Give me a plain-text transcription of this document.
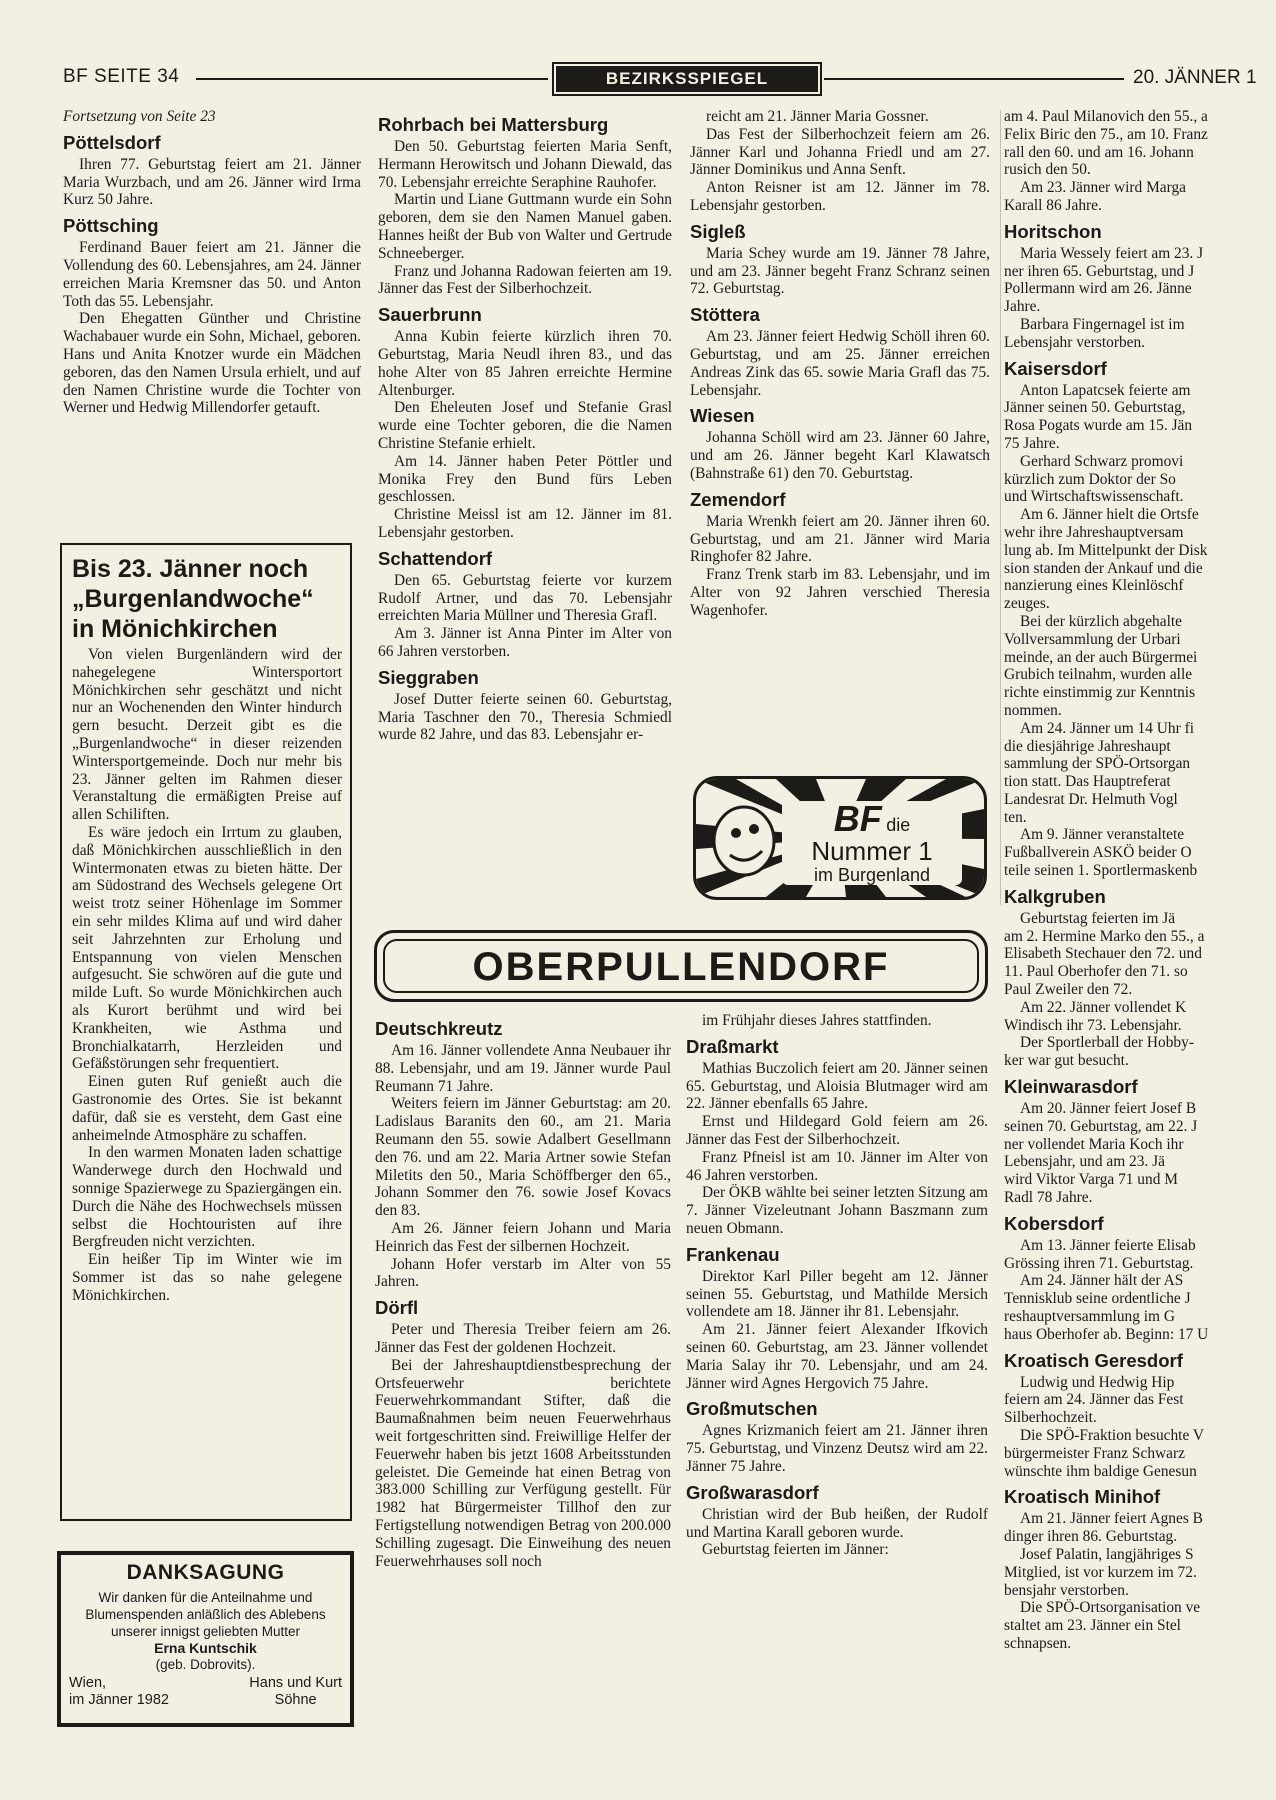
BF SEITE 34	BEZIRKSSPIEGEL	20. JÄNNER 1

Fortsetzung von Seite 23

Pöttelsdorf

Ihren 77. Geburtstag feiert am 21. Jänner Maria Wurzbach, und am 26. Jänner wird Irma Kurz 50 Jahre.

Pöttsching

Ferdinand Bauer feiert am 21. Jänner die Vollendung des 60. Lebensjahres, am 24. Jänner erreichen Maria Kremsner das 50. und Anton Toth das 55. Lebensjahr.

Den Ehegatten Günther und Christine Wachabauer wurde ein Sohn, Michael, geboren. Hans und Anita Knotzer wurde ein Mädchen geboren, das den Namen Ursula erhielt, und auf den Namen Christine wurde die Tochter von Werner und Hedwig Millendorfer getauft.

Rohrbach bei Mattersburg

Den 50. Geburtstag feierten Maria Senft, Hermann Herowitsch und Johann Diewald, das 70. Lebensjahr erreichte Seraphine Rauhofer.

Martin und Liane Guttmann wurde ein Sohn geboren, dem sie den Namen Manuel gaben. Hannes heißt der Bub von Walter und Gertrude Schneeberger.

Franz und Johanna Radowan feierten am 19. Jänner das Fest der Silberhochzeit.

Sauerbrunn

Anna Kubin feierte kürzlich ihren 70. Geburtstag, Maria Neudl ihren 83., und das hohe Alter von 85 Jahren erreichte Hermine Altenburger.

Den Eheleuten Josef und Stefanie Grasl wurde eine Tochter geboren, die die Namen Christine Stefanie erhielt.

Am 14. Jänner haben Peter Pöttler und Monika Frey den Bund fürs Leben geschlossen.

Christine Meissl ist am 12. Jänner im 81. Lebensjahr gestorben.

Schattendorf

Den 65. Geburtstag feierte vor kurzem Rudolf Artner, und das 70. Lebensjahr erreichten Maria Müllner und Theresia Grafl.

Am 3. Jänner ist Anna Pinter im Alter von 66 Jahren verstorben.

Sieggraben

Josef Dutter feierte seinen 60. Geburtstag, Maria Taschner den 70., Theresia Schmiedl wurde 82 Jahre, und das 83. Lebensjahr er-

reicht am 21. Jänner Maria Gossner.

Das Fest der Silberhochzeit feiern am 26. Jänner Karl und Johanna Friedl und am 27. Jänner Dominikus und Anna Senft.

Anton Reisner ist am 12. Jänner im 78. Lebensjahr gestorben.

Sigleß

Maria Schey wurde am 19. Jänner 78 Jahre, und am 23. Jänner begeht Franz Schranz seinen 72. Geburtstag.

Stöttera

Am 23. Jänner feiert Hedwig Schöll ihren 60. Geburtstag, und am 25. Jänner erreichen Andreas Zink das 65. sowie Maria Grafl das 75. Lebensjahr.

Wiesen

Johanna Schöll wird am 23. Jänner 60 Jahre, und am 26. Jänner begeht Karl Klawatsch (Bahnstraße 61) den 70. Geburtstag.

Zemendorf

Maria Wrenkh feiert am 20. Jänner ihren 60. Geburtstag, und am 21. Jänner wird Maria Ringhofer 82 Jahre.

Franz Trenk starb im 83. Lebensjahr, und im Alter von 92 Jahren verschied Theresia Wagenhofer.

Deutschkreutz

Am 16. Jänner vollendete Anna Neubauer ihr 88. Lebensjahr, und am 19. Jänner wurde Paul Reumann 71 Jahre.

Weiters feiern im Jänner Geburtstag: am 20. Ladislaus Baranits den 60., am 21. Maria Reumann den 55. sowie Adalbert Gesellmann den 76. und am 22. Maria Artner sowie Stefan Miletits den 50., Maria Schöffberger den 65., Johann Sommer den 76. sowie Josef Kovacs den 83.

Am 26. Jänner feiern Johann und Maria Heinrich das Fest der silbernen Hochzeit.

Johann Hofer verstarb im Alter von 55 Jahren.

Dörfl

Peter und Theresia Treiber feiern am 26. Jänner das Fest der goldenen Hochzeit.

Bei der Jahreshauptdienstbesprechung der Ortsfeuerwehr berichtete Feuerwehrkommandant Stifter, daß die Baumaßnahmen beim neuen Feuerwehrhaus weit fortgeschritten sind. Freiwillige Helfer der Feuerwehr haben bis jetzt 1608 Arbeitsstunden geleistet. Die Gemeinde hat einen Betrag von 383.000 Schilling zur Verfügung gestellt. Für 1982 hat Bürgermeister Tillhof den zur Fertigstellung notwendigen Betrag von 200.000 Schilling zugesagt. Die Einweihung des neuen Feuerwehrhauses soll noch

im Frühjahr dieses Jahres stattfinden.

Draßmarkt

Mathias Buczolich feiert am 20. Jänner seinen 65. Geburtstag, und Aloisia Blutmager wird am 22. Jänner ebenfalls 65 Jahre.

Ernst und Hildegard Gold feiern am 26. Jänner das Fest der Silberhochzeit.

Franz Pfneisl ist am 10. Jänner im Alter von 46 Jahren verstorben.

Der ÖKB wählte bei seiner letzten Sitzung am 7. Jänner Vizeleutnant Johann Baszmann zum neuen Obmann.

Frankenau

Direktor Karl Piller begeht am 12. Jänner seinen 55. Geburtstag, und Mathilde Mersich vollendete am 18. Jänner ihr 81. Lebensjahr.

Am 21. Jänner feiert Alexander Ifkovich seinen 60. Geburtstag, am 23. Jänner vollendet Maria Salay ihr 70. Lebensjahr, und am 24. Jänner wird Agnes Hergovich 75 Jahre.

Großmutschen

Agnes Krizmanich feiert am 21. Jänner ihren 75. Geburtstag, und Vinzenz Deutsz wird am 22. Jänner 75 Jahre.

Großwarasdorf

Christian wird der Bub heißen, der Rudolf und Martina Karall geboren wurde.

Geburtstag feierten im Jänner:

am 4. Paul Milanovich den 55., a
Felix Biric den 75., am 10. Franz
rall den 60. und am 16. Johann
rusich den 50.
Am 23. Jänner wird Marga
Karall 86 Jahre.
Horitschon
Maria Wessely feiert am 23. J
ner ihren 65. Geburtstag, und J
Pollermann wird am 26. Jänne
Jahre.
Barbara Fingernagel ist im
Lebensjahr verstorben.
Kaisersdorf
Anton Lapatcsek feierte am
Jänner seinen 50. Geburtstag,
Rosa Pogats wurde am 15. Jän
75 Jahre.
Gerhard Schwarz promovi
kürzlich zum Doktor der So
und Wirtschaftswissenschaft.
Am 6. Jänner hielt die Ortsfe
wehr ihre Jahreshauptversam
lung ab. Im Mittelpunkt der Disk
sion standen der Ankauf und die
nanzierung eines Kleinlöschf
zeuges.
Bei der kürzlich abgehalte
Vollversammlung der Urbari
meinde, an der auch Bürgermei
Grubich teilnahm, wurden alle
richte einstimmig zur Kenntnis
nommen.
Am 24. Jänner um 14 Uhr fi
die diesjährige Jahreshaupt
sammlung der SPÖ-Ortsorgan
tion statt. Das Hauptreferat
Landesrat Dr. Helmuth Vogl
ten.
Am 9. Jänner veranstaltete
Fußballverein ASKÖ beider O
teile seinen 1. Sportlermaskenb
Kalkgruben
Geburtstag feierten im Jä
am 2. Hermine Marko den 55., a
Elisabeth Stechauer den 72. und
11. Paul Oberhofer den 71. so
Paul Zweiler den 72.
Am 22. Jänner vollendet K
Windisch ihr 73. Lebensjahr.
Der Sportlerball der Hobby-
ker war gut besucht.
Kleinwarasdorf
Am 20. Jänner feiert Josef B
seinen 70. Geburtstag, am 22. J
ner vollendet Maria Koch ihr
Lebensjahr, und am 23. Jä
wird Viktor Varga 71 und M
Radl 78 Jahre.
Kobersdorf
Am 13. Jänner feierte Elisab
Grössing ihren 71. Geburtstag.
Am 24. Jänner hält der AS
Tennisklub seine ordentliche J
reshauptversammlung im G
haus Oberhofer ab. Beginn: 17 U
Kroatisch Geresdorf
Ludwig und Hedwig Hip
feiern am 24. Jänner das Fest
Silberhochzeit.
Die SPÖ-Fraktion besuchte V
bürgermeister Franz Schwarz
wünschte ihm baldige Genesun
Kroatisch Minihof
Am 21. Jänner feiert Agnes B
dinger ihren 86. Geburtstag.
Josef Palatin, langjähriges S
Mitglied, ist vor kurzem im 72.
bensjahr verstorben.
Die SPÖ-Ortsorganisation ve
staltet am 23. Jänner ein Stel
schnapsen.
Bis 23. Jänner noch „Burgenlandwoche“ in Mönichkirchen

Von vielen Burgenländern wird der nahegelegene Wintersportort Mönichkirchen sehr geschätzt und nicht nur an Wochenenden den Winter hindurch gern besucht. Derzeit gibt es die „Burgenlandwoche“ in dieser reizenden Wintersportgemeinde. Doch nur mehr bis 23. Jänner gelten im Rahmen dieser Veranstaltung die ermäßigten Preise auf allen Schiliften.

Es wäre jedoch ein Irrtum zu glauben, daß Mönichkirchen ausschließlich in den Wintermonaten etwas zu bieten hätte. Der am Südostrand des Wechsels gelegene Ort weist trotz seiner Höhenlage im Sommer ein sehr mildes Klima auf und wird daher seit Jahrzehnten zur Erholung und Entspannung von vielen Menschen aufgesucht. Sie schwören auf die gute und milde Luft. So wurde Mönichkirchen auch als Kurort berühmt und wird bei Krankheiten, wie Asthma und Bronchialkatarrh, Herzleiden und Gefäßstörungen sehr frequentiert.

Einen guten Ruf genießt auch die Gastronomie des Ortes. Sie ist bekannt dafür, daß sie es versteht, dem Gast eine anheimelnde Atmosphäre zu schaffen.

In den warmen Monaten laden schattige Wanderwege durch den Hochwald und sonnige Spazierwege zu Spaziergängen ein. Durch die Nähe des Hochwechsels müssen selbst die Hochtouristen auf ihre Bergfreuden nicht verzichten.

Ein heißer Tip im Winter wie im Sommer ist das so nahe gelegene Mönichkirchen.

DANKSAGUNG
Wir danken für die Anteilnahme und Blumenspenden anläßlich des Ablebens unserer innigst geliebten Mutter
Erna Kuntschik
(geb. Dobrovits).
Wien,
im Jänner 1982
Hans und Kurt
Söhne
BF die
Nummer 1
im Burgenland
OBERPULLENDORF
